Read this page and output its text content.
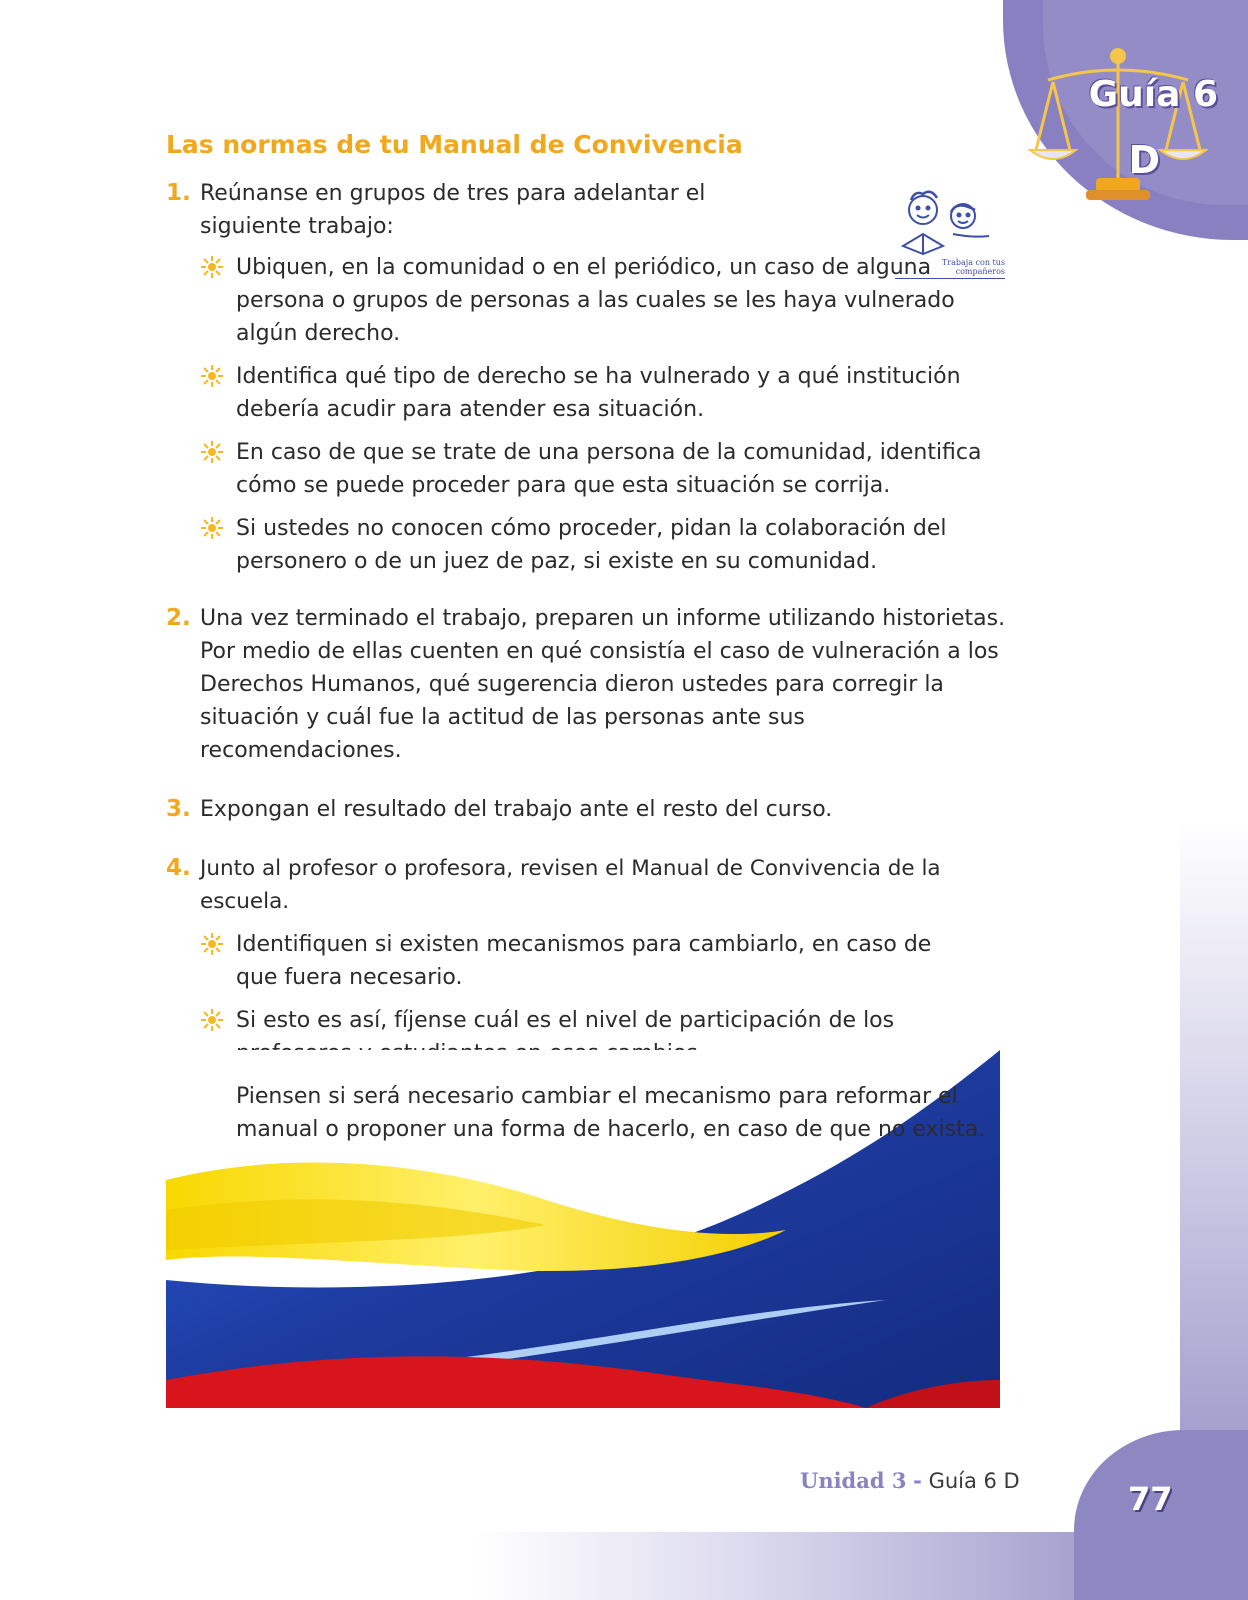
Guía 6
D
Trabaja con tus compañeros
Las normas de tu Manual de Convivencia
1. Reúnanse en grupos de tres para adelantar el siguiente trabajo:
Ubiquen, en la comunidad o en el periódico, un caso de alguna persona o grupos de personas a las cuales se les haya vulnerado algún derecho.
Identifica qué tipo de derecho se ha vulnerado y a qué institución debería acudir para atender esa situación.
En caso de que se trate de una persona de la comunidad, identifica cómo se puede proceder para que esta situación se corrija.
Si ustedes no conocen cómo proceder, pidan la colaboración del personero o de un juez de paz, si existe en su comunidad.
2. Una vez terminado el trabajo, preparen un informe utilizando historietas. Por medio de ellas cuenten en qué consistía el caso de vulneración a los Derechos Humanos, qué sugerencia dieron ustedes para corregir la situación y cuál fue la actitud de las personas ante sus recomendaciones.
3. Expongan el resultado del trabajo ante el resto del curso.
4. Junto al profesor o profesora, revisen el Manual de Convivencia de la escuela.
Identifiquen si existen mecanismos para cambiarlo, en caso de que fuera necesario.
Si esto es así, fíjense cuál es el nivel de participación de los
Piensen si será necesario cambiar el mecanismo para reformar el manual o proponer una forma de hacerlo, en caso de que no exista.
Unidad 3 - Guía 6 D	77
